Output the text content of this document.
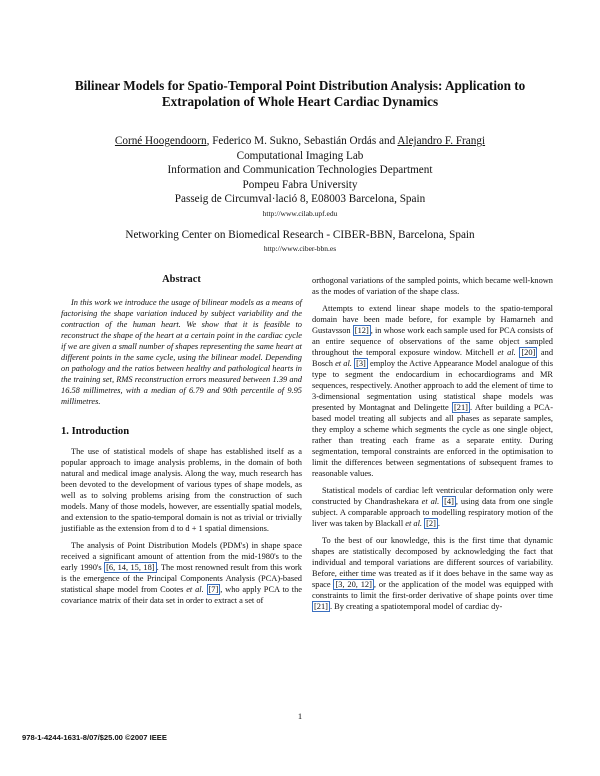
Bilinear Models for Spatio-Temporal Point Distribution Analysis: Application to
Extrapolation of Whole Heart Cardiac Dynamics
Corné Hoogendoorn, Federico M. Sukno, Sebastián Ordás and Alejandro F. Frangi
Computational Imaging Lab
Information and Communication Technologies Department
Pompeu Fabra University
Passeig de Circumval·lació 8, E08003 Barcelona, Spain
http://www.cilab.upf.edu
Networking Center on Biomedical Research - CIBER-BBN, Barcelona, Spain
http://www.ciber-bbn.es
Abstract

In this work we introduce the usage of bilinear models as a means of factorising the shape variation induced by subject variability and the contraction of the human heart. We show that it is feasible to reconstruct the shape of the heart at a certain point in the cardiac cycle if we are given a small number of shapes representing the same heart at different points in the same cycle, using the bilinear model. Depending on pathology and the ratios between healthy and pathological hearts in the training set, RMS reconstruction errors measured between 1.39 and 16.58 millimetres, with a median of 6.79 and 90th percentile of 9.95 millimetres.

1. Introduction

The use of statistical models of shape has established itself as a popular approach to image analysis problems, in the domain of both natural and medical image analysis. Along the way, much research has been devoted to the development of various types of shape models, as well as to solving problems arising from the construction of such models. Many of those models, however, are essentially spatial models, and extension to the spatio-temporal domain is not as trivial or trivially justifiable as the extension from d to d + 1 spatial dimensions.

The analysis of Point Distribution Models (PDM's) in shape space received a significant amount of attention from the mid-1980's to the early 1990's [6, 14, 15, 18] . The most renowned result from this work is the emergence of the Principal Components Analysis (PCA)-based statistical shape model from Cootes et al. [7] , who apply PCA to the covariance matrix of their data set in order to extract a set of

orthogonal variations of the sampled points, which became well-known as the modes of variation of the shape class.

Attempts to extend linear shape models to the spatio-temporal domain have been made before, for example by Hamarneh and Gustavsson [12] , in whose work each sample used for PCA consists of an entire sequence of observations of the same object sampled throughout the temporal exposure window. Mitchell et al. [20] and Bosch et al. [3] employ the Active Appearance Model analogue of this type to segment the endocardium in echocardiograms and MR sequences, respectively. Another approach to add the element of time to 3-dimensional segmentation using statistical shape models was presented by Montagnat and Delingette [21] . After building a PCA-based model treating all subjects and all phases as separate samples, they employ a scheme which segments the cycle as one single object, rather than treating each frame as a separate entity. During segmentation, temporal constraints are enforced in the optimisation to limit the differences between segmentations of subsequent frames to reasonable values.

Statistical models of cardiac left ventricular deformation only were constructed by Chandrashekara et al. [4] , using data from one single subject. A comparable approach to modelling respiratory motion of the liver was taken by Blackall et al. [2] .

To the best of our knowledge, this is the first time that dynamic shapes are statistically decomposed by acknowledging the fact that individual and temporal variations are different sources of variability. Before, either time was treated as if it does behave in the same way as space [3, 20, 12] , or the application of the model was equipped with constraints to limit the first-order derivative of shape points over time [21] . By creating a spatiotemporal model of cardiac dy-

1
978-1-4244-1631-8/07/$25.00 ©2007 IEEE
